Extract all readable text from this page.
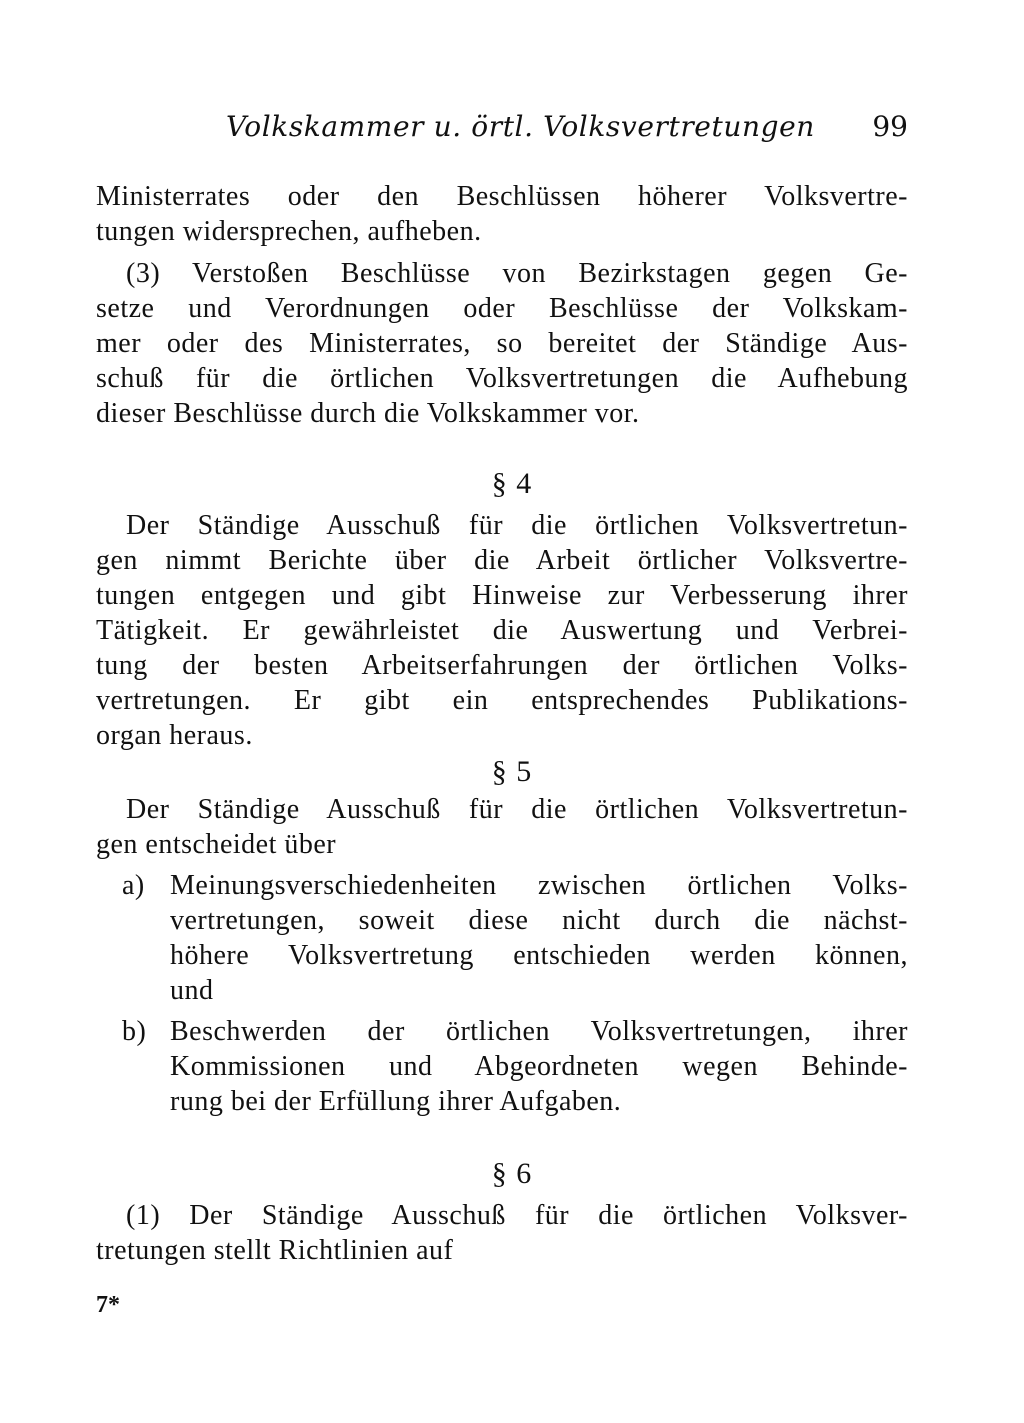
Volkskammer u. örtl. Volksvertretungen 99
Ministerrates oder den Beschlüssen höherer Volksvertre-
tungen widersprechen, aufheben.
(3) Verstoßen Beschlüsse von Bezirkstagen gegen Ge-
setze und Verordnungen oder Beschlüsse der Volkskam-
mer oder des Ministerrates, so bereitet der Ständige Aus-
schuß für die örtlichen Volksvertretungen die Aufhebung
dieser Beschlüsse durch die Volkskammer vor.
§ 4
Der Ständige Ausschuß für die örtlichen Volksvertretun-
gen nimmt Berichte über die Arbeit örtlicher Volksvertre-
tungen entgegen und gibt Hinweise zur Verbesserung ihrer
Tätigkeit. Er gewährleistet die Auswertung und Verbrei-
tung der besten Arbeitserfahrungen der örtlichen Volks-
vertretungen. Er gibt ein entsprechendes Publikations-
organ heraus.
§ 5
Der Ständige Ausschuß für die örtlichen Volksvertretun-
gen entscheidet über
a) Meinungsverschiedenheiten zwischen örtlichen Volks-
vertretungen, soweit diese nicht durch die nächst-
höhere Volksvertretung entschieden werden können,
und
b) Beschwerden der örtlichen Volksvertretungen, ihrer
Kommissionen und Abgeordneten wegen Behinde-
rung bei der Erfüllung ihrer Aufgaben.
§ 6
(1) Der Ständige Ausschuß für die örtlichen Volksver-
tretungen stellt Richtlinien auf
7*
